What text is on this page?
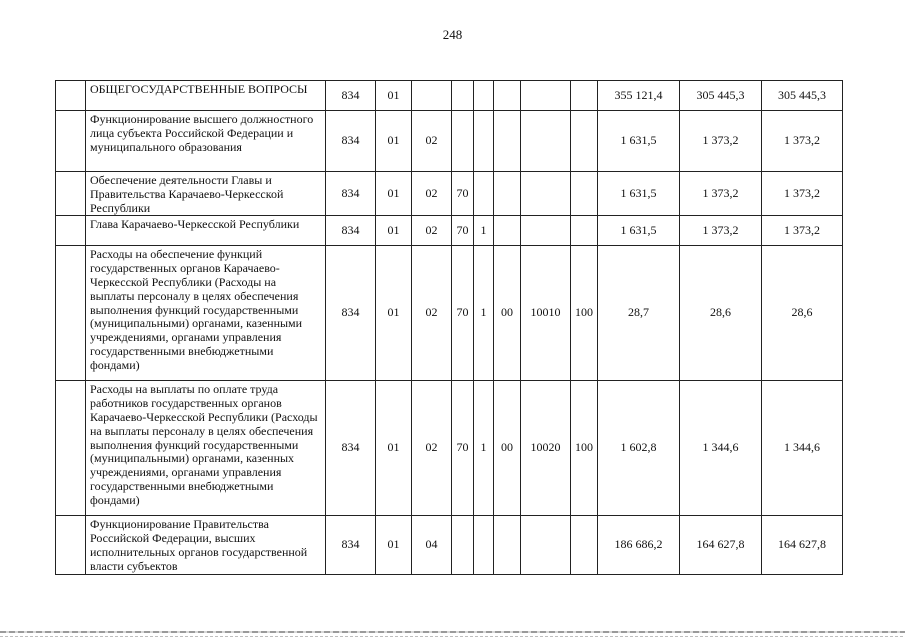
248
	ОБЩЕГОСУДАРСТВЕННЫЕ ВОПРОСЫ	834	01							355 121,4	305 445,3	305 445,3
	Функционирование высшего должностного лица субъекта Российской Федерации и муниципального образования	834	01	02						1 631,5	1 373,2	1 373,2
	Обеспечение деятельности Главы и Правительства Карачаево-Черкесской Республики	834	01	02	70					1 631,5	1 373,2	1 373,2
	Глава Карачаево-Черкесской Республики	834	01	02	70	1				1 631,5	1 373,2	1 373,2
	Расходы на обеспечение функций государственных органов Карачаево-Черкесской Республики (Расходы на выплаты персоналу в целях обеспечения выполнения функций государственными (муниципальными) органами, казенными учреждениями, органами управления государственными внебюджетными фондами)	834	01	02	70	1	00	10010	100	28,7	28,6	28,6
	Расходы на выплаты по оплате труда работников государственных органов Карачаево-Черкесской Республики (Расходы на выплаты персоналу в целях обеспечения выполнения функций государственными (муниципальными) органами, казенных учреждениями, органами управления государственными внебюджетными фондами)	834	01	02	70	1	00	10020	100	1 602,8	1 344,6	1 344,6
	Функционирование Правительства Российской Федерации, высших исполнительных органов государственной власти субъектов	834	01	04						186 686,2	164 627,8	164 627,8
